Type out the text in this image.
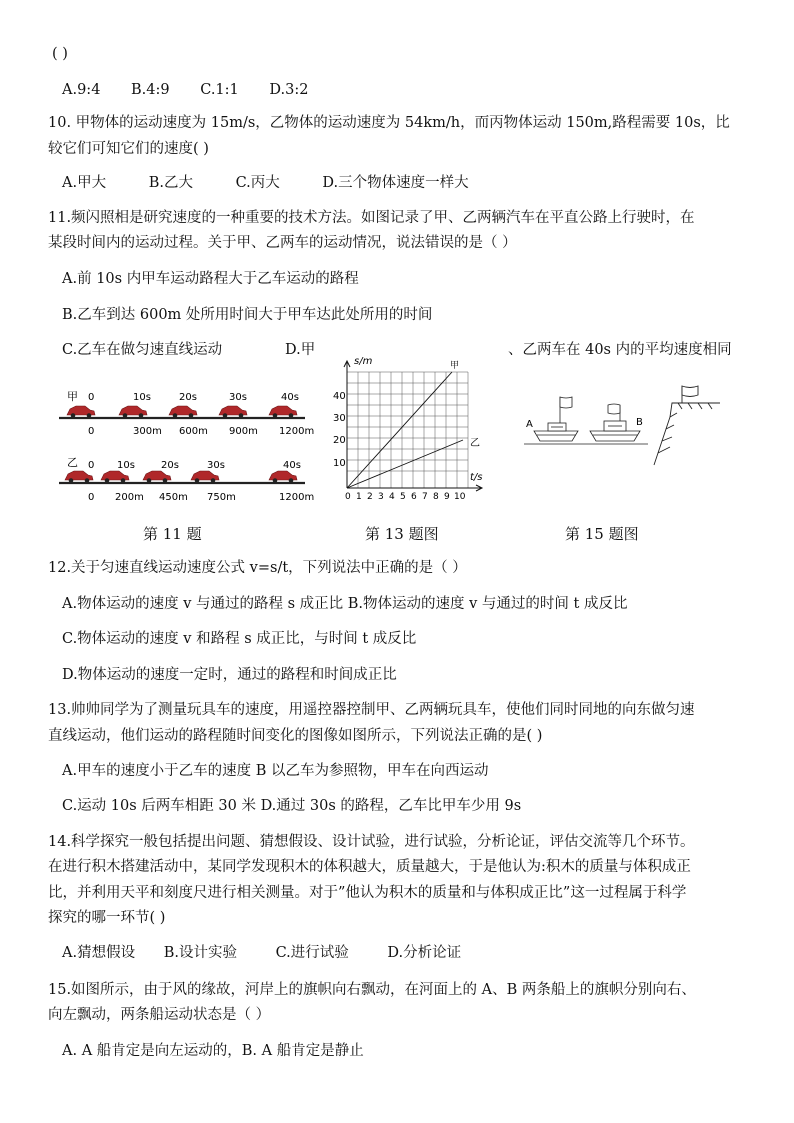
( )
A.9:4 B.4:9 C.1:1 D.3:2
10. 甲物体的运动速度为 15m/s，乙物体的运动速度为 54km/h，而丙物体运动 150m,路程需要 10s，比
较它们可知它们的速度( )
A.甲大	B.乙大	C.丙大	D.三个物体速度一样大
11.频闪照相是研究速度的一种重要的技术方法。如图记录了甲、乙两辆汽车在平直公路上行驶时，在
某段时间内的运动过程。关于甲、乙两车的运动情况，说法错误的是（ ）
A.前 10s 内甲车运动路程大于乙车运动的路程
B.乙车到达 600m 处所用时间大于甲车达此处所用的时间
C.乙车在做匀速直线运动	D.甲	、乙两车在 40s 内的平均速度相同
甲 0	10s	20s	30s	40s
0	300m 600m 900m 1200m
乙 0 10s	20s	30s	40s
0 200m 450m 750m	1200m
s/m
t/s
40
30
20
10
0 1 2 3 4 5 6 7 8 9 10
甲
乙
A	B
第 11 题	第 13 题图	第 15 题图
12.关于匀速直线运动速度公式 v=s/t，下列说法中正确的是（ ）
A.物体运动的速度 v 与通过的路程 s 成正比 B.物体运动的速度 v 与通过的时间 t 成反比
C.物体运动的速度 v 和路程 s 成正比，与时间 t 成反比
D.物体运动的速度一定时，通过的路程和时间成正比
13.帅帅同学为了测量玩具车的速度，用遥控器控制甲、乙两辆玩具车，使他们同时同地的向东做匀速
直线运动，他们运动的路程随时间变化的图像如图所示，下列说法正确的是( )
A.甲车的速度小于乙车的速度 B 以乙车为参照物，甲车在向西运动
C.运动 10s 后两车相距 30 米 D.通过 30s 的路程，乙车比甲车少用 9s
14.科学探究一般包括提出问题、猜想假设、设计试验，进行试验，分析论证，评估交流等几个环节。
在进行积木搭建活动中，某同学发现积木的体积越大，质量越大，于是他认为:积木的质量与体积成正
比，并利用天平和刻度尺进行相关测量。对于”他认为积木的质量和与体积成正比”这一过程属于科学
探究的哪一环节( )
A.猜想假设 B.设计实验	C.进行试验	D.分析论证
15.如图所示，由于风的缘故，河岸上的旗帜向右飘动，在河面上的 A、B 两条船上的旗帜分别向右、
向左飘动，两条船运动状态是（ ）
A. A 船肯定是向左运动的，B. A 船肯定是静止
